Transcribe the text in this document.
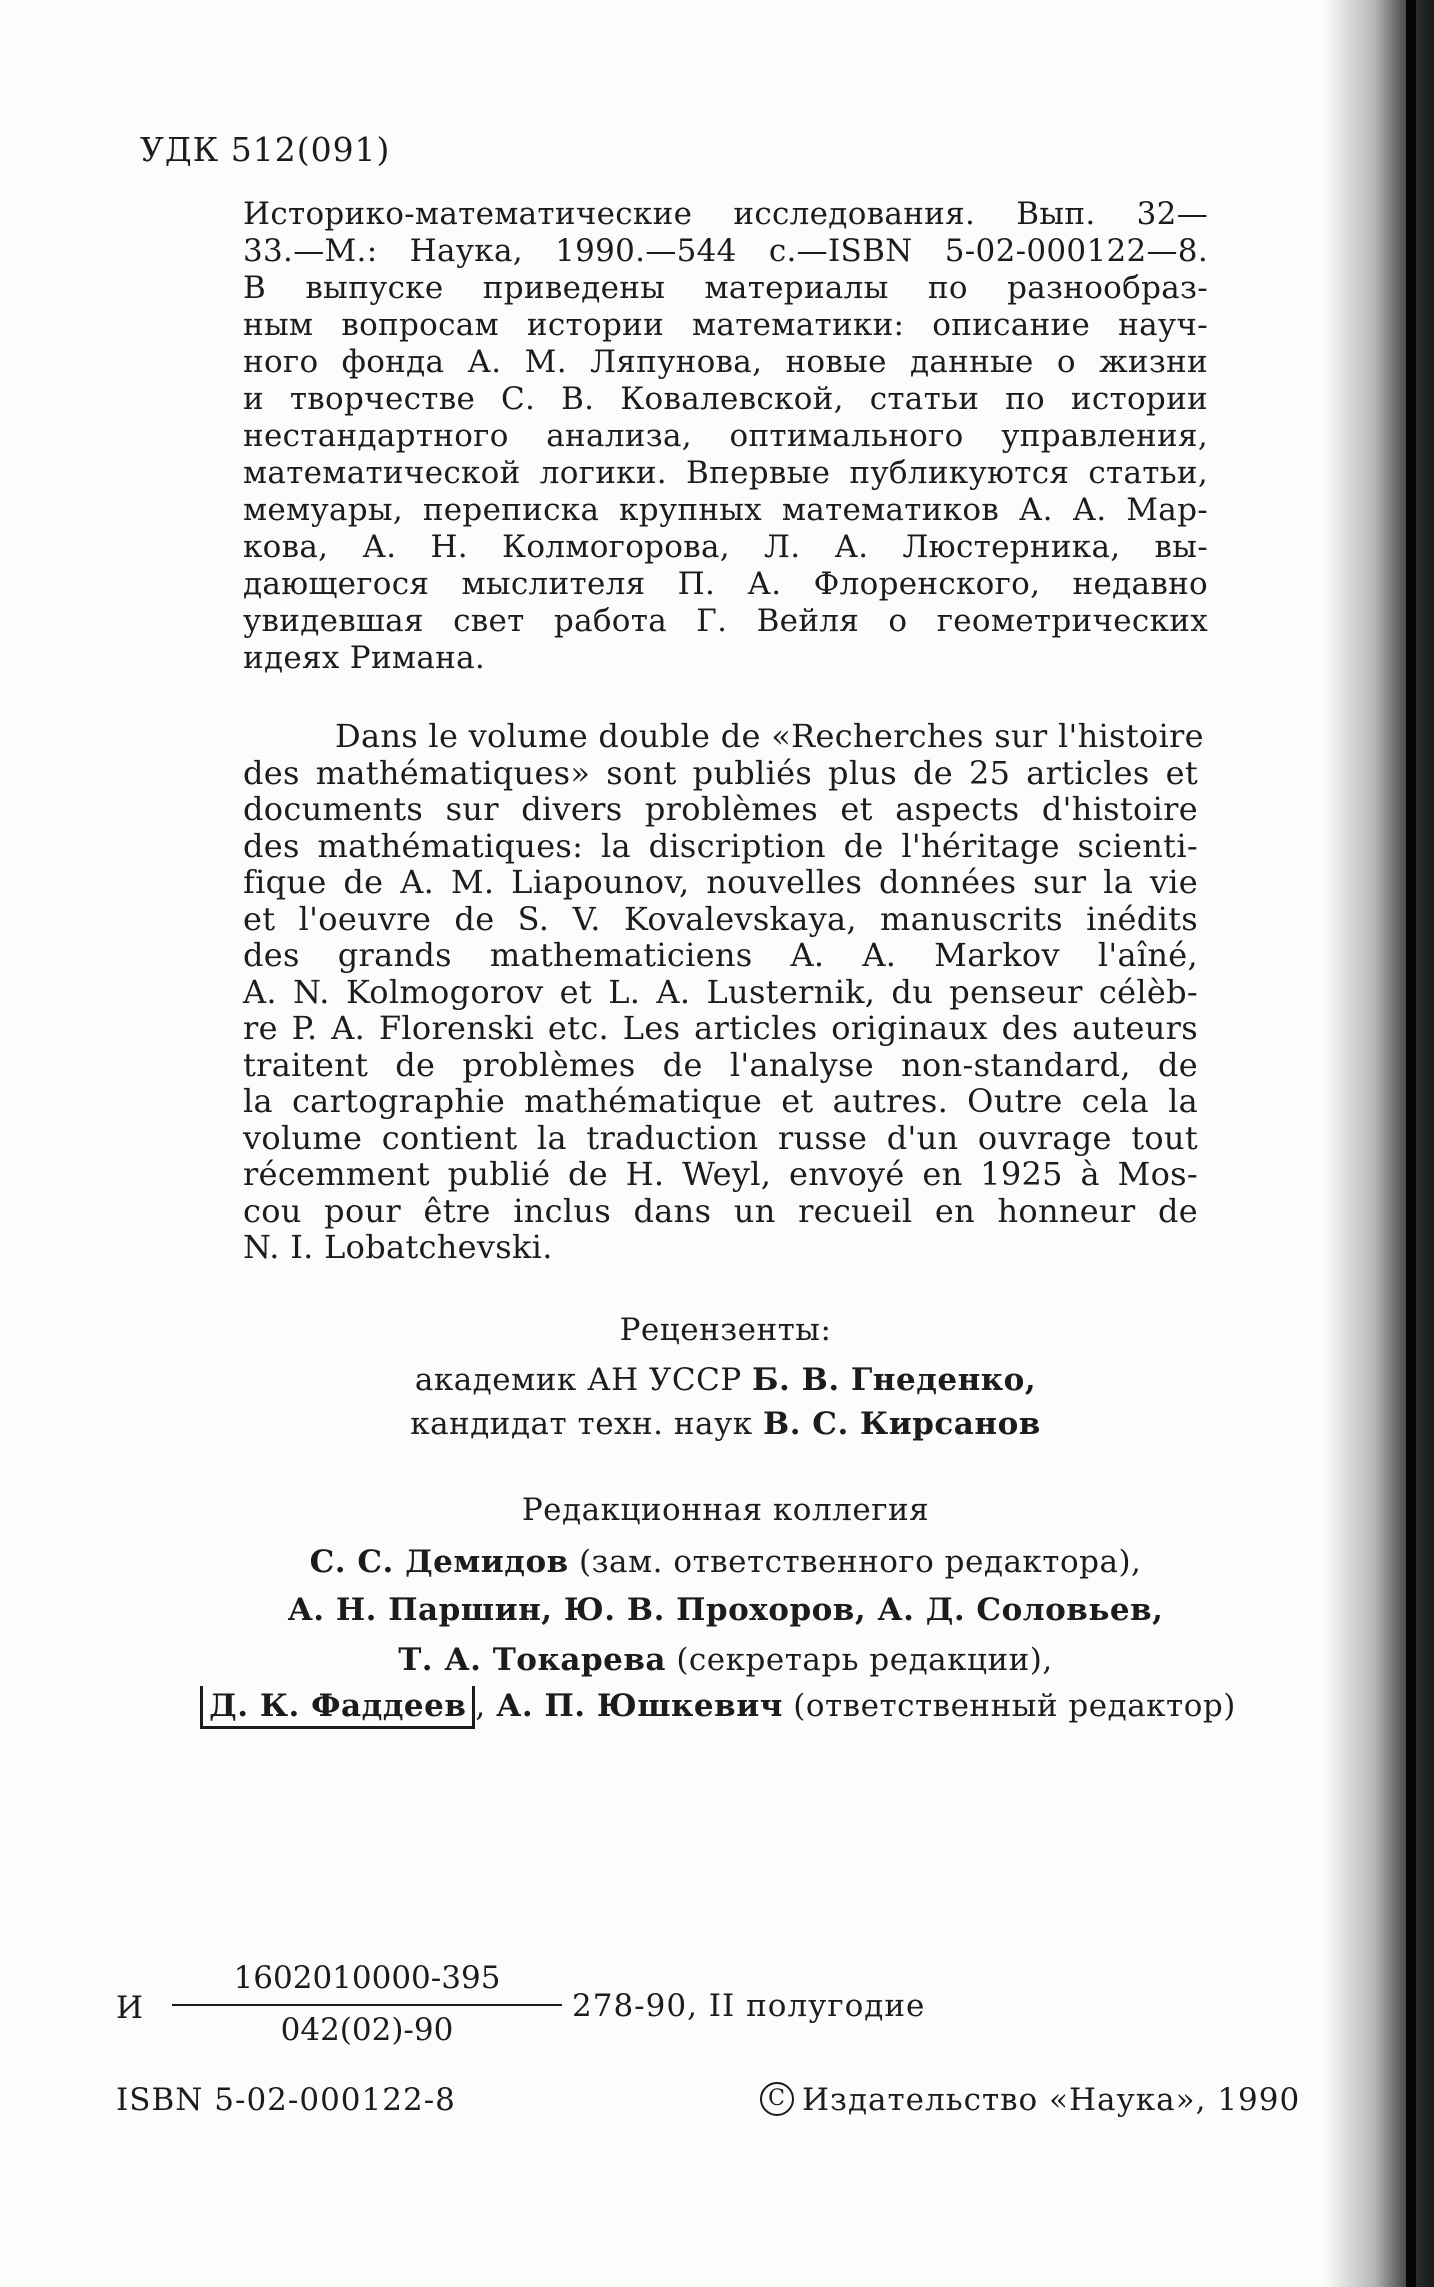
УДК 512(091)
Историко-математические исследования. Вып. 32—
33.—М.: Наука, 1990.—544 с.—ISBN 5-02-000122—8.
В выпуске приведены материалы по разнообраз-
ным вопросам истории математики: описание науч-
ного фонда А. М. Ляпунова, новые данные о жизни
и творчестве С. В. Ковалевской, статьи по истории
нестандартного анализа, оптимального управления,
математической логики. Впервые публикуются статьи,
мемуары, переписка крупных математиков А. А. Мар-
кова, А. Н. Колмогорова, Л. А. Люстерника, вы-
дающегося мыслителя П. А. Флоренского, недавно
увидевшая свет работа Г. Вейля о геометрических
идеях Римана.
Dans le volume double de «Recherches sur l'histoire
des mathématiques» sont publiés plus de 25 articles et
documents sur divers problèmes et aspects d'histoire
des mathématiques: la discription de l'héritage scienti-
fique de A. M. Liapounov, nouvelles données sur la vie
et l'oeuvre de S. V. Kovalevskaya, manuscrits inédits
des grands mathematiciens A. A. Markov l'aîné,
A. N. Kolmogorov et L. A. Lusternik, du penseur célèb-
re P. A. Florenski etc. Les articles originaux des auteurs
traitent de problèmes de l'analyse non-standard, de
la cartographie mathématique et autres. Outre cela la
volume contient la traduction russe d'un ouvrage tout
récemment publié de H. Weyl, envoyé en 1925 à Mos-
cou pour être inclus dans un recueil en honneur de
N. I. Lobatchevski.
Рецензенты:
академик АН УССР Б. В. Гнеденко,
кандидат техн. наук В. С. Кирсанов
Редакционная коллегия
С. С. Демидов (зам. ответственного редактора),
А. Н. Паршин, Ю. В. Прохоров, А. Д. Соловьев,
Т. А. Токарева (секретарь редакции),
Д. К. Фаддеев , А. П. Юшкевич (ответственный редактор)
И
1602010000-395
042(02)-90
278-90, II полугодие
ISBN 5-02-000122-8	C Издательство «Наука», 1990
